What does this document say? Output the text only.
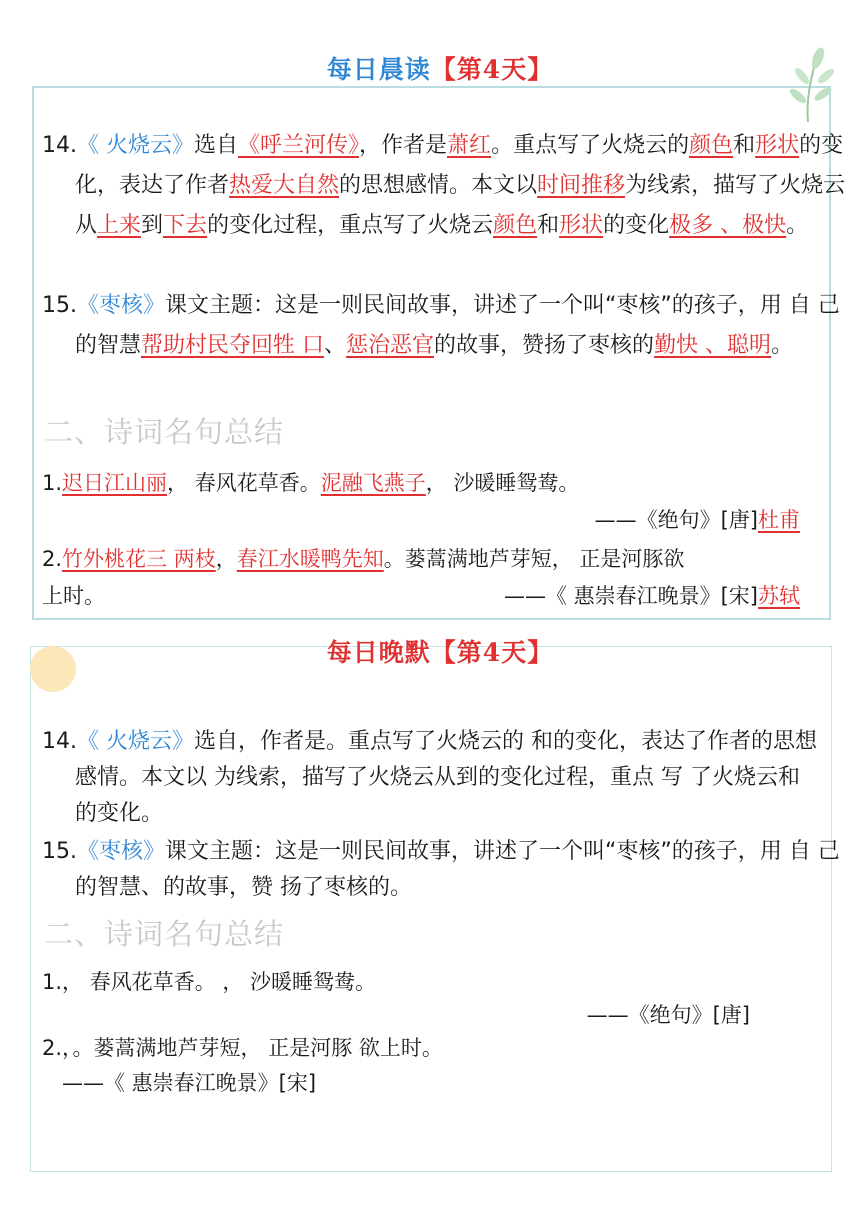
每日晨读【第4天】
14.《 火烧云》选自《呼兰河传》，作者是萧红。重点写了火烧云的颜色和形状的变化，表达了作者热爱大自然的思想感情。本文以时间推移为线索，描写了火烧云从上来到下去的变化过程，重点写了火烧云颜色和形状的变化极多 、极快。
15.《枣核》课文主题：这是一则民间故事，讲述了一个叫“枣核”的孩子，用 自 己的智慧帮助村民夺回牲 口、惩治恶官的故事，赞扬了枣核的勤快 、聪明。
二、诗词名句总结
1.迟日江山丽， 春风花草香。泥融飞燕子， 沙暖睡鸳鸯。
——《绝句》[唐]杜甫
2.竹外桃花三 两枝，春江水暖鸭先知。蒌蒿满地芦芽短， 正是河豚欲
上时。	——《 惠崇春江晚景》[宋]苏轼
每日晚默【第4天】
14.《 火烧云》选自，作者是。重点写了火烧云的 和的变化，表达了作者的思想感情。本文以 为线索，描写了火烧云从到的变化过程，重点 写 了火烧云和的变化。
15.《枣核》课文主题：这是一则民间故事，讲述了一个叫“枣核”的孩子，用 自 己的智慧、的故事，赞 扬了枣核的。
二、诗词名句总结
1.， 春风花草香。 ， 沙暖睡鸳鸯。
——《绝句》[唐]
2.，。蒌蒿满地芦芽短， 正是河豚 欲上时。
——《 惠崇春江晚景》[宋]
